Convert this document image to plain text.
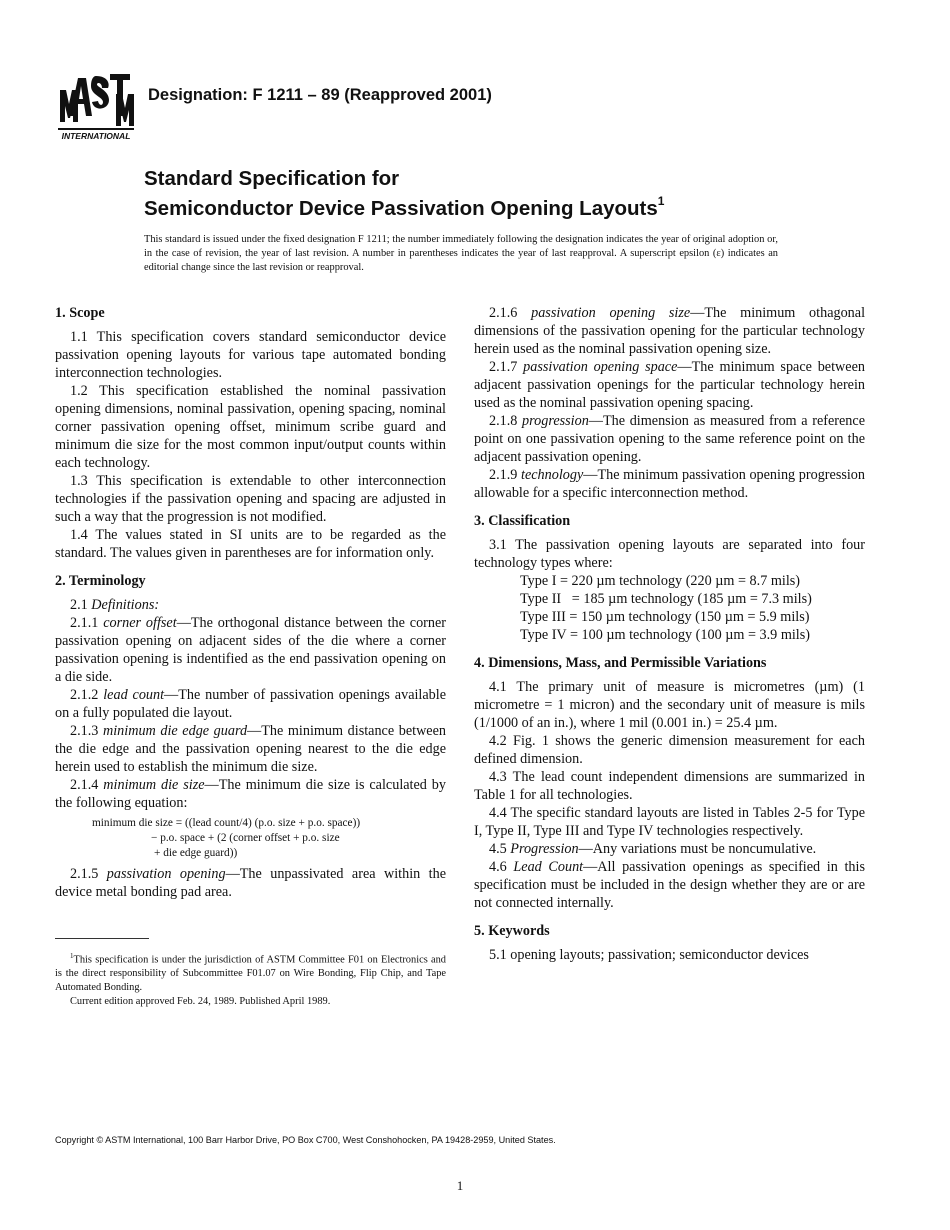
INTERNATIONAL
Designation: F 1211 – 89 (Reapproved 2001)
Standard Specification for
Semiconductor Device Passivation Opening Layouts$^1$
This standard is issued under the fixed designation F 1211; the number immediately following the designation indicates the year of original adoption or, in the case of revision, the year of last revision. A number in parentheses indicates the year of last reapproval. A superscript epsilon (ε) indicates an editorial change since the last revision or reapproval.
1. Scope

1.1 This specification covers standard semiconductor device passivation opening layouts for various tape automated bonding interconnection technologies.

1.2 This specification established the nominal passivation opening dimensions, nominal passivation, opening spacing, nominal corner passivation opening offset, minimum scribe guard and minimum die size for the most common input/output counts within each technology.

1.3 This specification is extendable to other interconnection technologies if the passivation opening and spacing are adjusted in such a way that the progression is not modified.

1.4 The values stated in SI units are to be regarded as the standard. The values given in parentheses are for information only.

2. Terminology

2.1 Definitions:

2.1.1 corner offset—The orthogonal distance between the corner passivation opening on adjacent sides of the die where a corner passivation opening is indentified as the end passivation opening on a die side.

2.1.2 lead count—The number of passivation openings available on a fully populated die layout.

2.1.3 minimum die edge guard—The minimum distance between the die edge and the passivation opening nearest to the die edge herein used to establish the minimum die size.

2.1.4 minimum die size—The minimum die size is calculated by the following equation:

minimum die size = ((lead count/4) (p.o. size + p.o. space))
− p.o. space + (2 (corner offset + p.o. size
+ die edge guard))

2.1.5 passivation opening—The unpassivated area within the device metal bonding pad area.

2.1.6 passivation opening size—The minimum othagonal dimensions of the passivation opening for the particular technology herein used as the nominal passivation opening size.

2.1.7 passivation opening space—The minimum space between adjacent passivation openings for the particular technology herein used as the nominal passivation opening spacing.

2.1.8 progression—The dimension as measured from a reference point on one passivation opening to the same reference point on the adjacent passivation opening.

2.1.9 technology—The minimum passivation opening progression allowable for a specific interconnection method.

3. Classification

3.1 The passivation opening layouts are separated into four technology types where:

Type I = 220 µm technology (220 µm = 8.7 mils)
Type II   = 185 µm technology (185 µm = 7.3 mils)
Type III = 150 µm technology (150 µm = 5.9 mils)
Type IV = 100 µm technology (100 µm = 3.9 mils)
4. Dimensions, Mass, and Permissible Variations

4.1 The primary unit of measure is micrometres (µm) (1 micrometre = 1 micron) and the secondary unit of measure is mils (1/1000 of an in.), where 1 mil (0.001 in.) = 25.4 µm.

4.2 Fig. 1 shows the generic dimension measurement for each defined dimension.

4.3 The lead count independent dimensions are summarized in Table 1 for all technologies.

4.4 The specific standard layouts are listed in Tables 2-5 for Type I, Type II, Type III and Type IV technologies respectively.

4.5 Progression—Any variations must be noncumulative.

4.6 Lead Count—All passivation openings as specified in this specification must be included in the design whether they are or are not connected internally.

5. Keywords

5.1 opening layouts; passivation; semiconductor devices

$^1$This specification is under the jurisdiction of ASTM Committee F01 on Electronics and is the direct responsibility of Subcommittee F01.07 on Wire Bonding, Flip Chip, and Tape Automated Bonding.

Current edition approved Feb. 24, 1989. Published April 1989.

Copyright © ASTM International, 100 Barr Harbor Drive, PO Box C700, West Conshohocken, PA 19428-2959, United States.
1
